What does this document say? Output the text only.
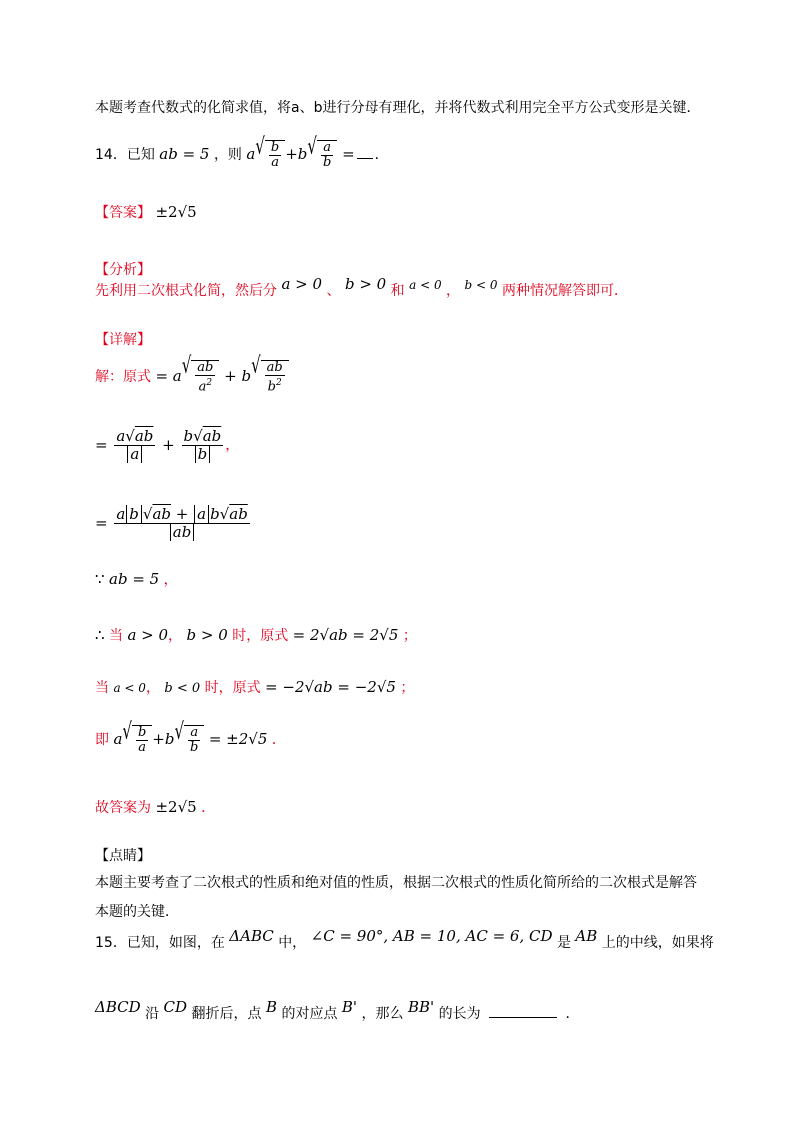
本题考查代数式的化简求值，将a、b进行分母有理化，并将代数式利用完全平方公式变形是关键．
14．已知 ab = 5 ，则 a √ $\frac{b}{a} +b$ √ $\frac{a}{b}$ = ．
【答案】 ±2√5
【分析】
先利用二次根式化简，然后分 a > 0 、 b > 0 和 a < 0 ， b < 0 两种情况解答即可．
【详解】
解：原式 = a √ $\frac{ab}{a^2} + b$ √ $\frac{ab}{b^2}$
= $\frac{a√ab}{a} + \frac{b√ab}{b}$ ，
= $\frac{\text{a b √ab + a b√ab}}{ab}$
∵ ab = 5 ，
∴ 当 a > 0， b > 0 时，原式 = 2√ab = 2√5 ；
当 a < 0， b < 0 时，原式 = −2√ab = −2√5 ；
即 a √ $\frac{b}{a} +b$ √ $\frac{a}{b} = \pm 2√5$ ．
故答案为 ±2√5 ．
【点睛】
本题主要考查了二次根式的性质和绝对值的性质，根据二次根式的性质化简所给的二次根式是解答
本题的关键．
15．已知，如图，在 ΔABC 中， ∠C = 90°, AB = 10, AC = 6, CD 是 AB 上的中线，如果将
ΔBCD 沿 CD 翻折后，点 B 的对应点 B' ，那么 BB' 的长为	．
